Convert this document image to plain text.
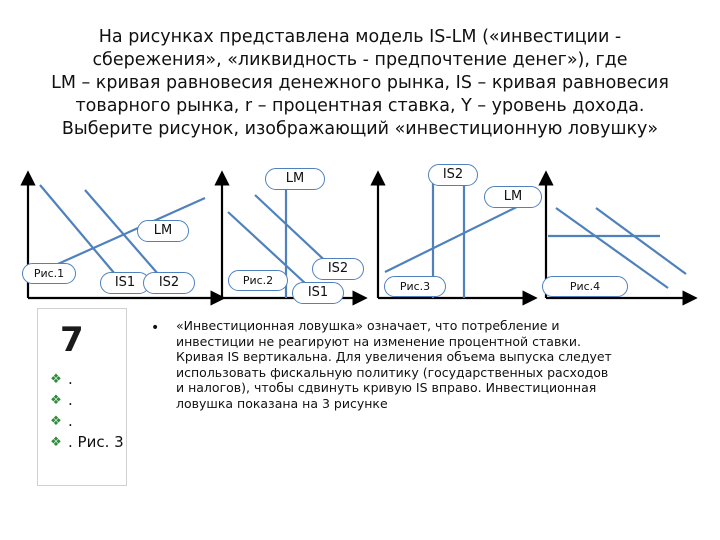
На рисунках представлена модель IS-LM («инвестиции -
сбережения», «ликвидность - предпочтение денег»), где
LM – кривая равновесия денежного рынка, IS – кривая равновесия
товарного рынка, r – процентная ставка, Y – уровень дохода.
Выберите рисунок, изображающий «инвестиционную ловушку»
Рис.1
LM
IS1	IS2	Рис.2
IS2
IS1
LM	IS2
Рис.3
LM
Рис.4
7
❖ .
❖ .
❖ .
❖ . Рис. 3
• «Инвестиционная ловушка» означает, что потребление и
инвестиции не реагируют на изменение процентной ставки.
Кривая IS вертикальна. Для увеличения объема выпуска следует
использовать фискальную политику (государственных расходов
и налогов), чтобы сдвинуть кривую IS вправо. Инвестиционная
ловушка показана на 3 рисунке
